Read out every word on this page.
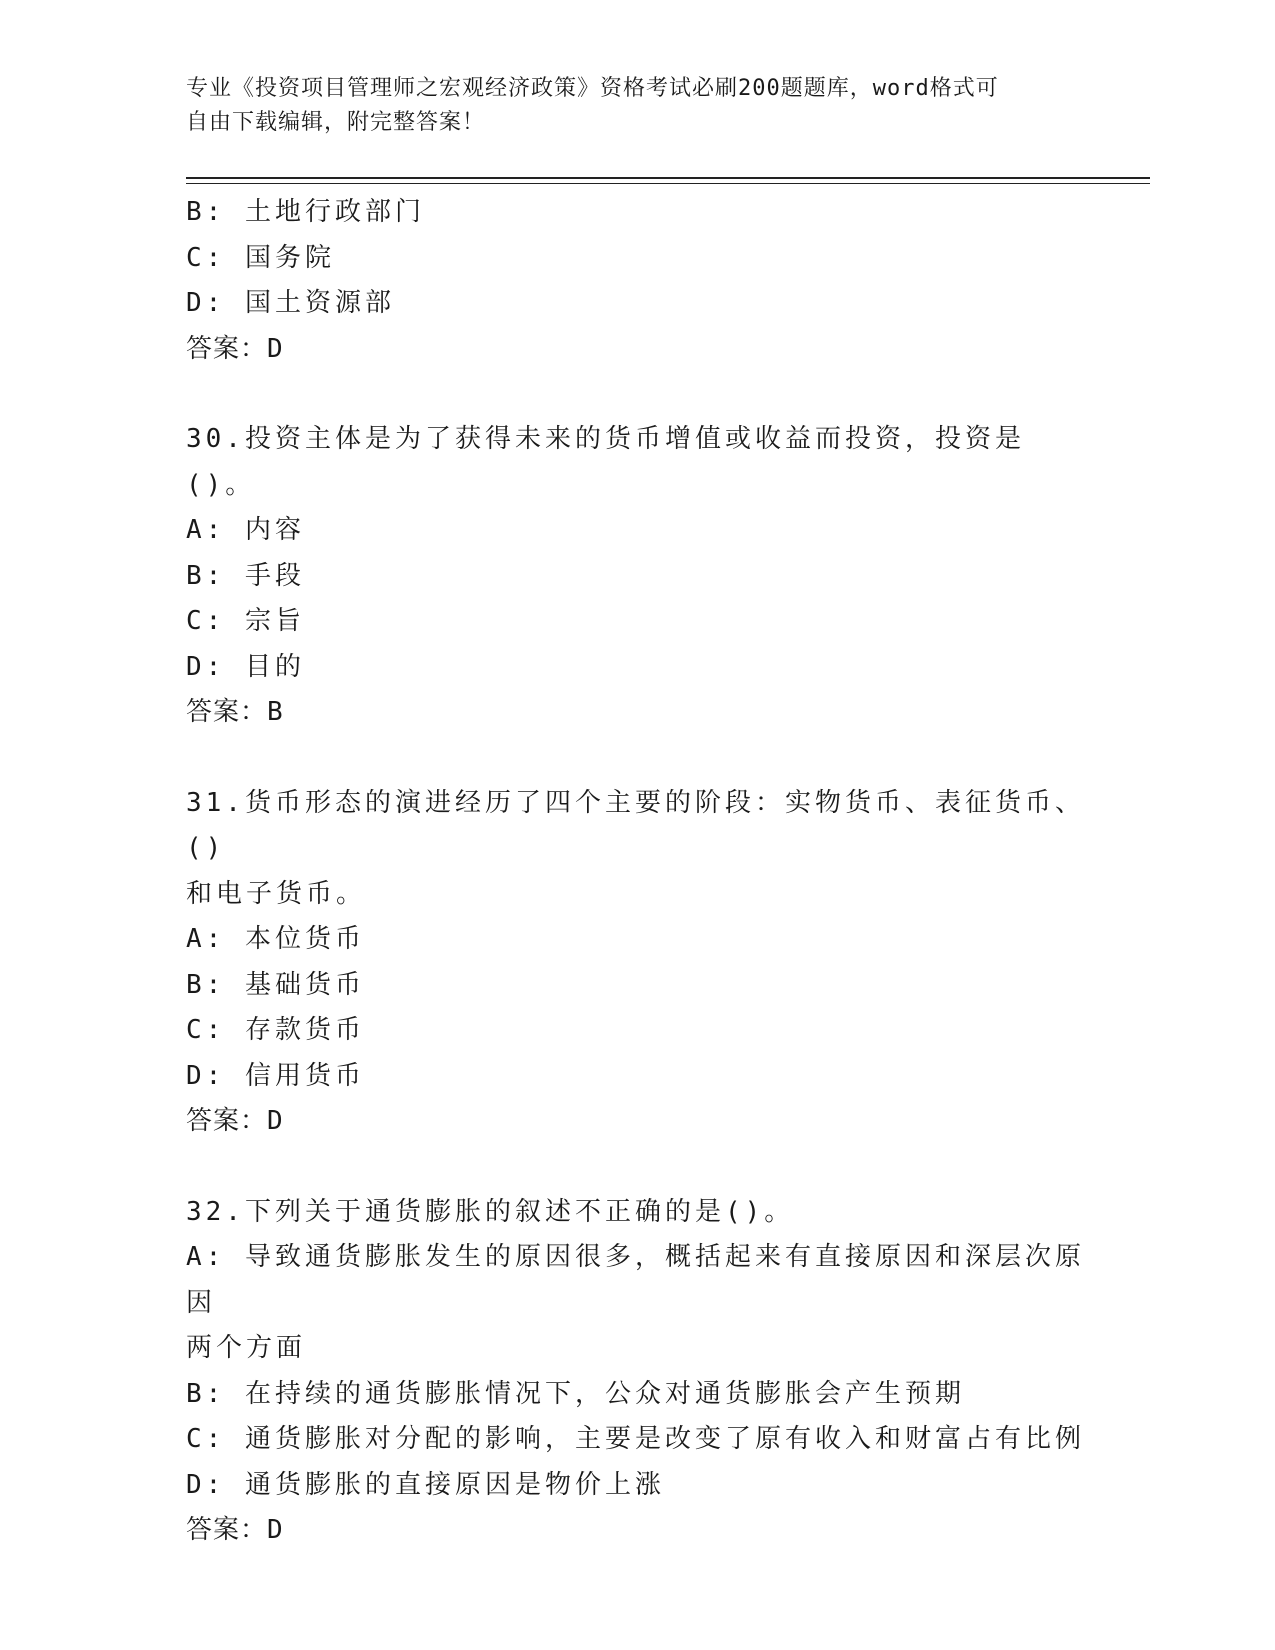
专业《投资项目管理师之宏观经济政策》资格考试必刷200题题库，word格式可
自由下载编辑，附完整答案！
B: 土地行政部门
C: 国务院
D: 国土资源部
答案：D
30.投资主体是为了获得未来的货币增值或收益而投资，投资是()。
A: 内容
B: 手段
C: 宗旨
D: 目的
答案：B
31.货币形态的演进经历了四个主要的阶段：实物货币、表征货币、()
和电子货币。
A: 本位货币
B: 基础货币
C: 存款货币
D: 信用货币
答案：D
32.下列关于通货膨胀的叙述不正确的是()。
A: 导致通货膨胀发生的原因很多，概括起来有直接原因和深层次原因
两个方面
B: 在持续的通货膨胀情况下，公众对通货膨胀会产生预期
C: 通货膨胀对分配的影响，主要是改变了原有收入和财富占有比例
D: 通货膨胀的直接原因是物价上涨
答案：D
